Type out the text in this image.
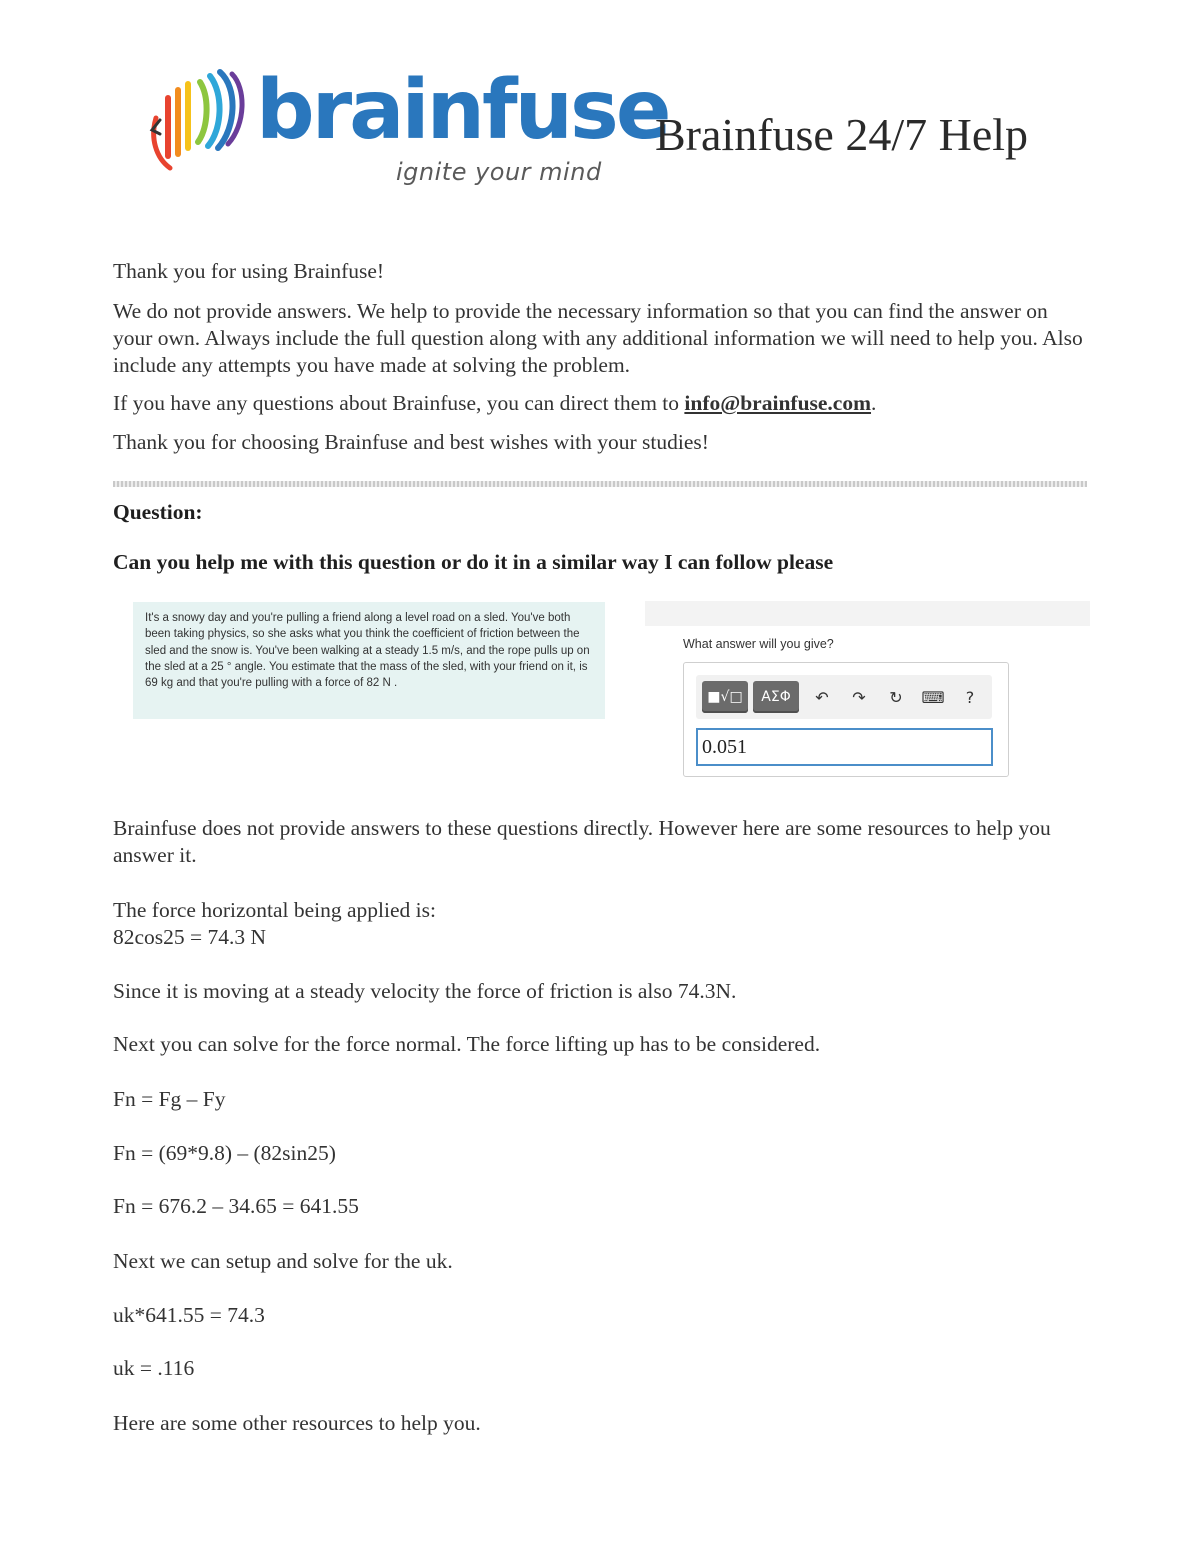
brainfuse
ignite your mind
Brainfuse 24/7 Help
Thank you for using Brainfuse!
We do not provide answers. We help to provide the necessary information so that you can find the answer on your own. Always include the full question along with any additional information we will need to help you. Also include any attempts you have made at solving the problem.
If you have any questions about Brainfuse, you can direct them to info@brainfuse.com.
Thank you for choosing Brainfuse and best wishes with your studies!
Question:
Can you help me with this question or do it in a similar way I can follow please
It's a snowy day and you're pulling a friend along a level road on a sled. You've both been taking physics, so she asks what you think the coefficient of friction between the sled and the snow is. You've been walking at a steady 1.5 m/s, and the rope pulls up on the sled at a 25 ° angle. You estimate that the mass of the sled, with your friend on it, is 69 kg and that you're pulling with a force of 82 N .
What answer will you give?
■√□	ΑΣΦ	↶	↷	↻	⌨	?
0.051
Brainfuse does not provide answers to these questions directly. However here are some resources to help you answer it.
The force horizontal being applied is:
82cos25 = 74.3 N
Since it is moving at a steady velocity the force of friction is also 74.3N.
Next you can solve for the force normal. The force lifting up has to be considered.
Fn = Fg – Fy
Fn = (69*9.8) – (82sin25)
Fn = 676.2 – 34.65 = 641.55
Next we can setup and solve for the uk.
uk*641.55 = 74.3
uk = .116
Here are some other resources to help you.
